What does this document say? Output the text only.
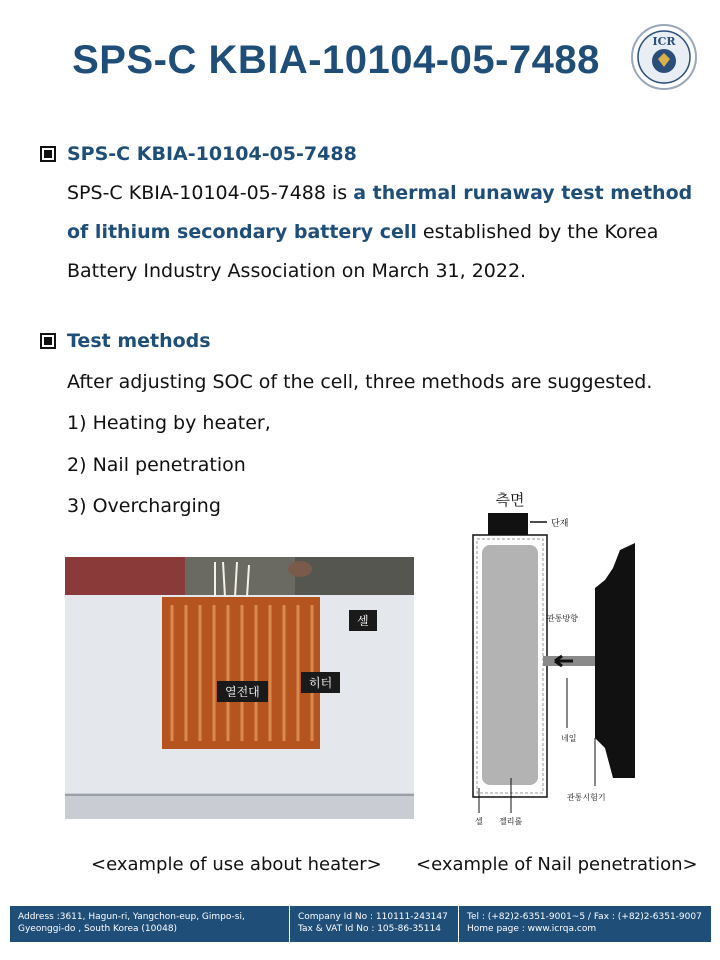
SPS-C KBIA-10104-05-7488	ICR
SPS-C KBIA-10104-05-7488
SPS-C KBIA-10104-05-7488 is a thermal runaway test method of lithium secondary battery cell established by the Korea Battery Industry Association on March 31, 2022.
Test methods
After adjusting SOC of the cell, three methods are suggested.
1) Heating by heater,
2) Nail penetration
3) Overcharging
셀
히터
열전대
측면
단재
관통방향
네일
관통시험기
셀 젤리롤
<example of use about heater> <example of Nail penetration>
Address :3611, Hagun-ri, Yangchon-eup, Gimpo-si,
Gyeonggi-do , South Korea (10048)
Company Id No : 110111-243147
Tax & VAT Id No : 105-86-35114
Tel : (+82)2-6351-9001~5 / Fax : (+82)2-6351-9007
Home page : www.icrqa.com
